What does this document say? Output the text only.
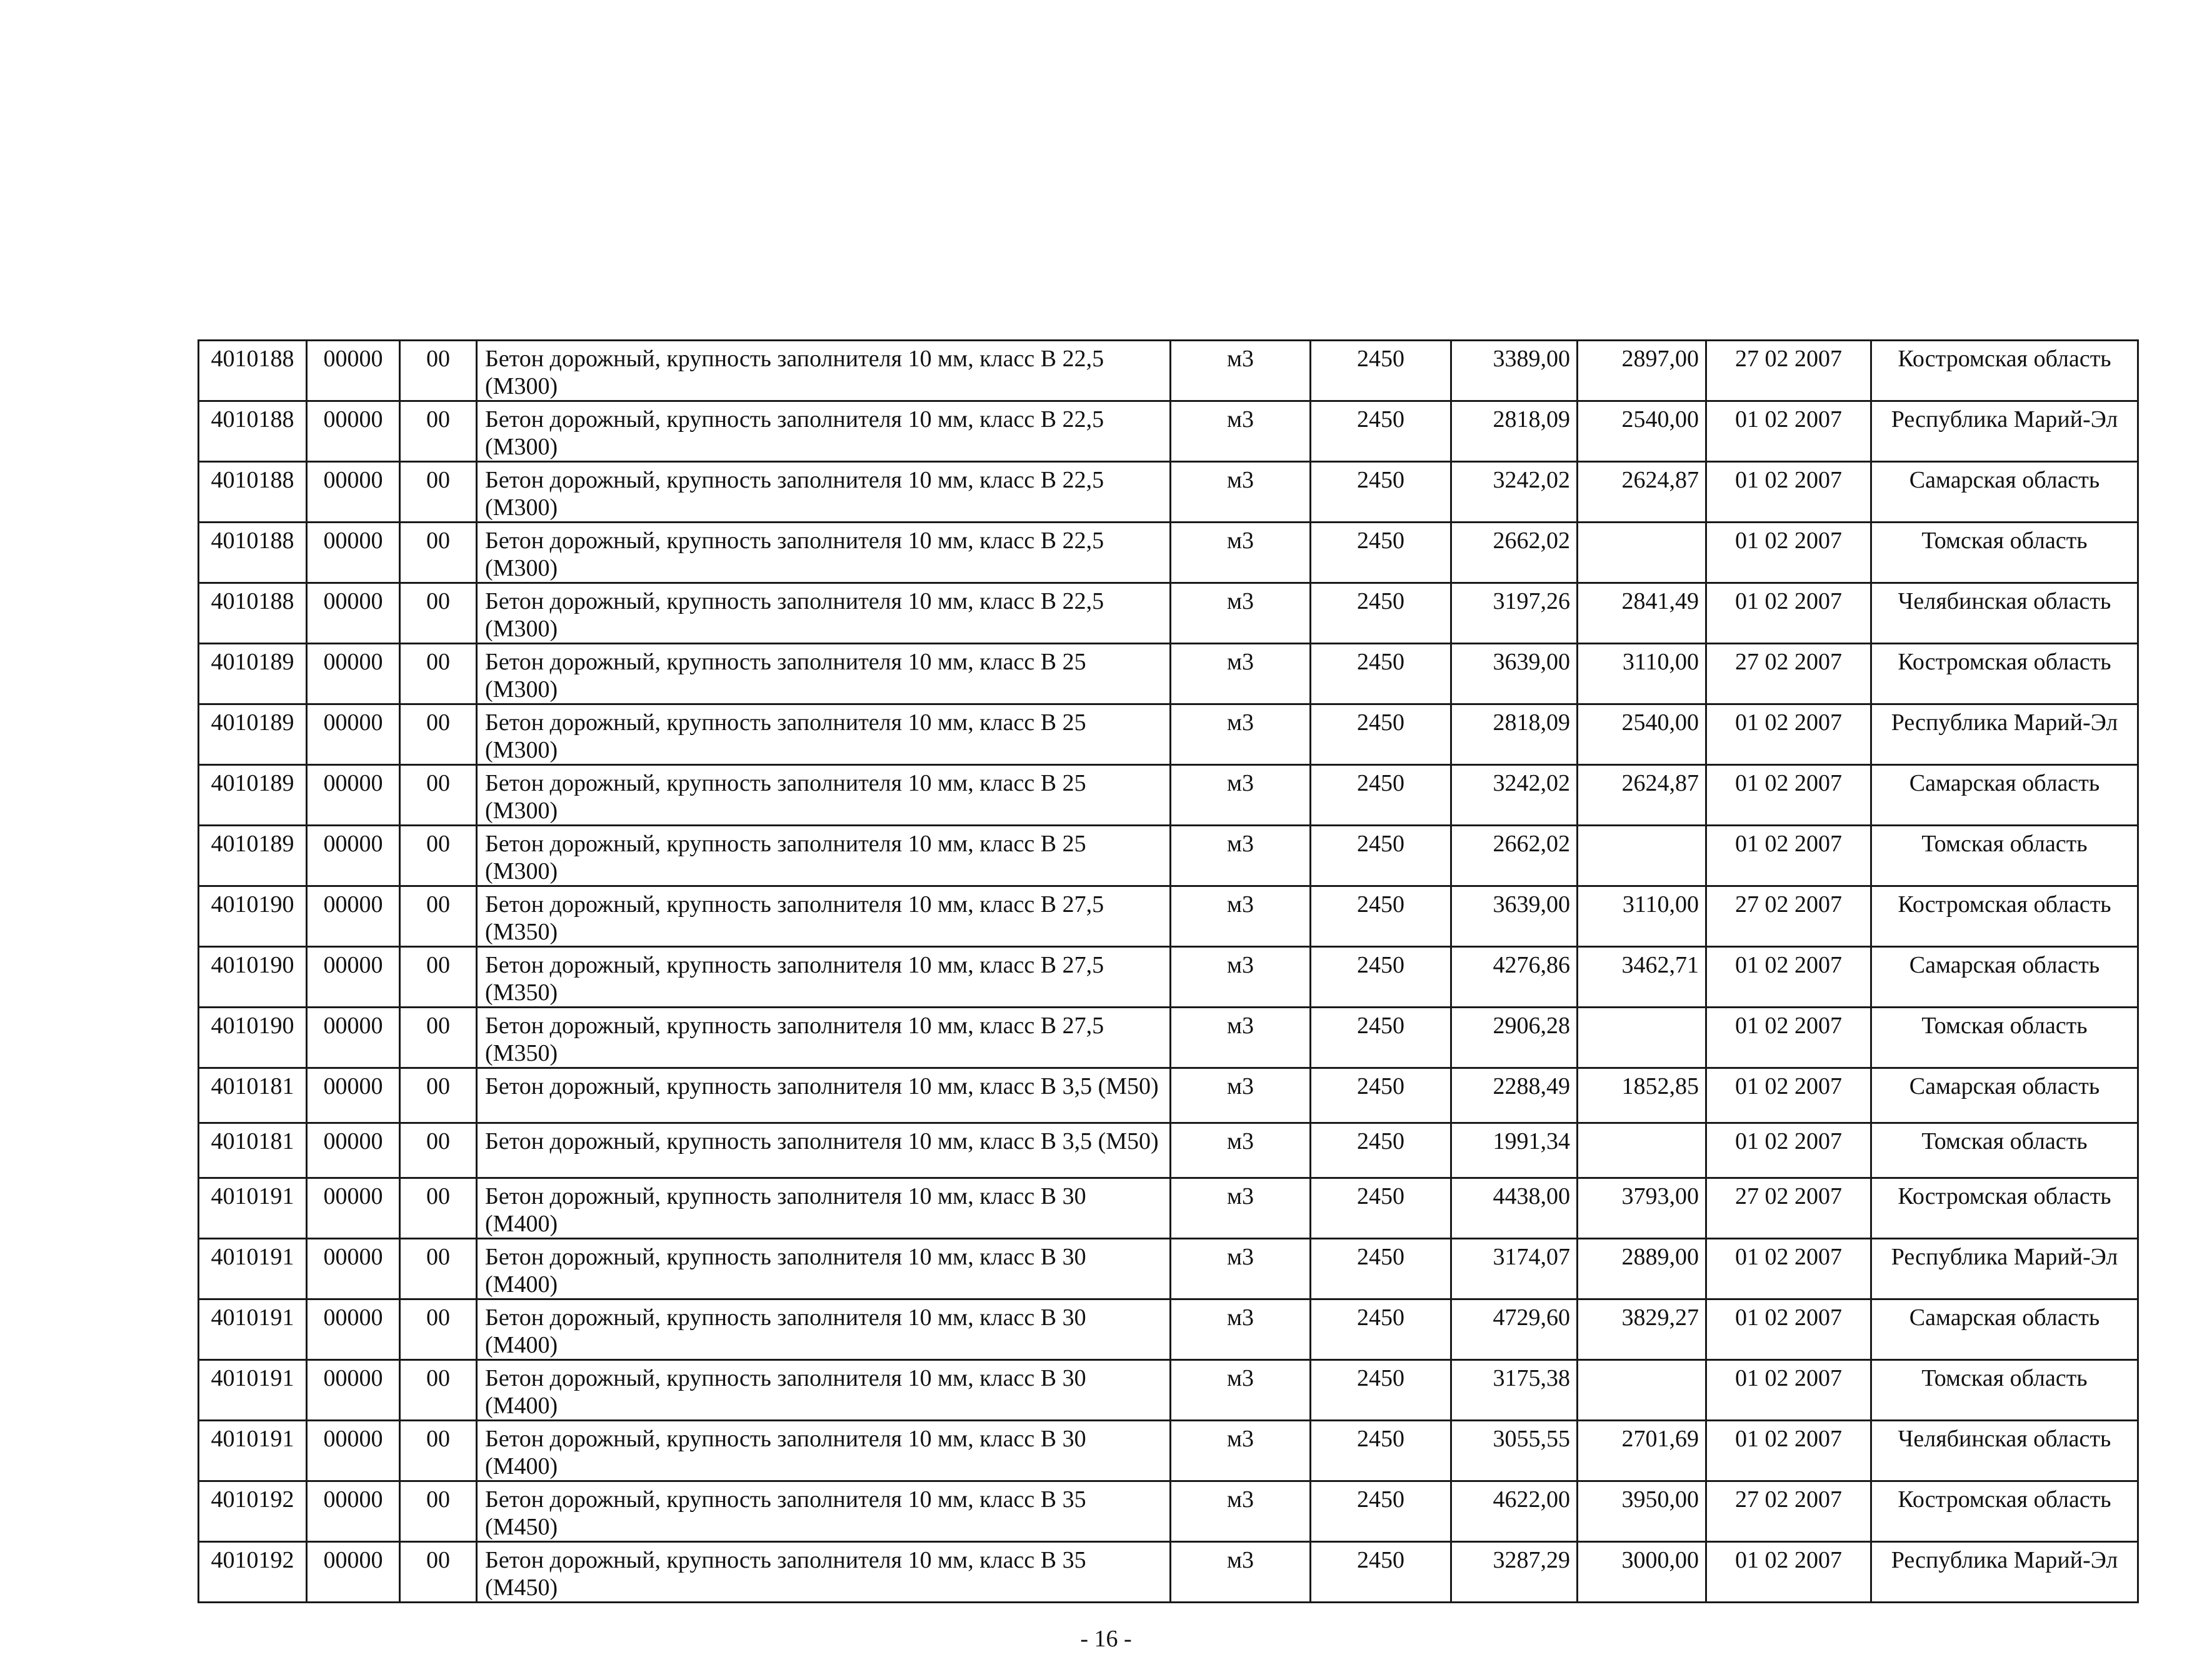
4010188	00000	00	Бетон дорожный, крупность заполнителя 10 мм, класс В 22,5 (М300)	м3	2450	3389,00	2897,00	27 02 2007	Костромская область
4010188	00000	00	Бетон дорожный, крупность заполнителя 10 мм, класс В 22,5 (М300)	м3	2450	2818,09	2540,00	01 02 2007	Республика Марий-Эл
4010188	00000	00	Бетон дорожный, крупность заполнителя 10 мм, класс В 22,5 (М300)	м3	2450	3242,02	2624,87	01 02 2007	Самарская область
4010188	00000	00	Бетон дорожный, крупность заполнителя 10 мм, класс В 22,5 (М300)	м3	2450	2662,02		01 02 2007	Томская область
4010188	00000	00	Бетон дорожный, крупность заполнителя 10 мм, класс В 22,5 (М300)	м3	2450	3197,26	2841,49	01 02 2007	Челябинская область
4010189	00000	00	Бетон дорожный, крупность заполнителя 10 мм, класс В 25 (М300)	м3	2450	3639,00	3110,00	27 02 2007	Костромская область
4010189	00000	00	Бетон дорожный, крупность заполнителя 10 мм, класс В 25 (М300)	м3	2450	2818,09	2540,00	01 02 2007	Республика Марий-Эл
4010189	00000	00	Бетон дорожный, крупность заполнителя 10 мм, класс В 25 (М300)	м3	2450	3242,02	2624,87	01 02 2007	Самарская область
4010189	00000	00	Бетон дорожный, крупность заполнителя 10 мм, класс В 25 (М300)	м3	2450	2662,02		01 02 2007	Томская область
4010190	00000	00	Бетон дорожный, крупность заполнителя 10 мм, класс В 27,5 (М350)	м3	2450	3639,00	3110,00	27 02 2007	Костромская область
4010190	00000	00	Бетон дорожный, крупность заполнителя 10 мм, класс В 27,5 (М350)	м3	2450	4276,86	3462,71	01 02 2007	Самарская область
4010190	00000	00	Бетон дорожный, крупность заполнителя 10 мм, класс В 27,5 (М350)	м3	2450	2906,28		01 02 2007	Томская область
4010181	00000	00	Бетон дорожный, крупность заполнителя 10 мм, класс В 3,5 (М50)	м3	2450	2288,49	1852,85	01 02 2007	Самарская область
4010181	00000	00	Бетон дорожный, крупность заполнителя 10 мм, класс В 3,5 (М50)	м3	2450	1991,34		01 02 2007	Томская область
4010191	00000	00	Бетон дорожный, крупность заполнителя 10 мм, класс В 30 (М400)	м3	2450	4438,00	3793,00	27 02 2007	Костромская область
4010191	00000	00	Бетон дорожный, крупность заполнителя 10 мм, класс В 30 (М400)	м3	2450	3174,07	2889,00	01 02 2007	Республика Марий-Эл
4010191	00000	00	Бетон дорожный, крупность заполнителя 10 мм, класс В 30 (М400)	м3	2450	4729,60	3829,27	01 02 2007	Самарская область
4010191	00000	00	Бетон дорожный, крупность заполнителя 10 мм, класс В 30 (М400)	м3	2450	3175,38		01 02 2007	Томская область
4010191	00000	00	Бетон дорожный, крупность заполнителя 10 мм, класс В 30 (М400)	м3	2450	3055,55	2701,69	01 02 2007	Челябинская область
4010192	00000	00	Бетон дорожный, крупность заполнителя 10 мм, класс В 35 (М450)	м3	2450	4622,00	3950,00	27 02 2007	Костромская область
4010192	00000	00	Бетон дорожный, крупность заполнителя 10 мм, класс В 35 (М450)	м3	2450	3287,29	3000,00	01 02 2007	Республика Марий-Эл
- 16 -
